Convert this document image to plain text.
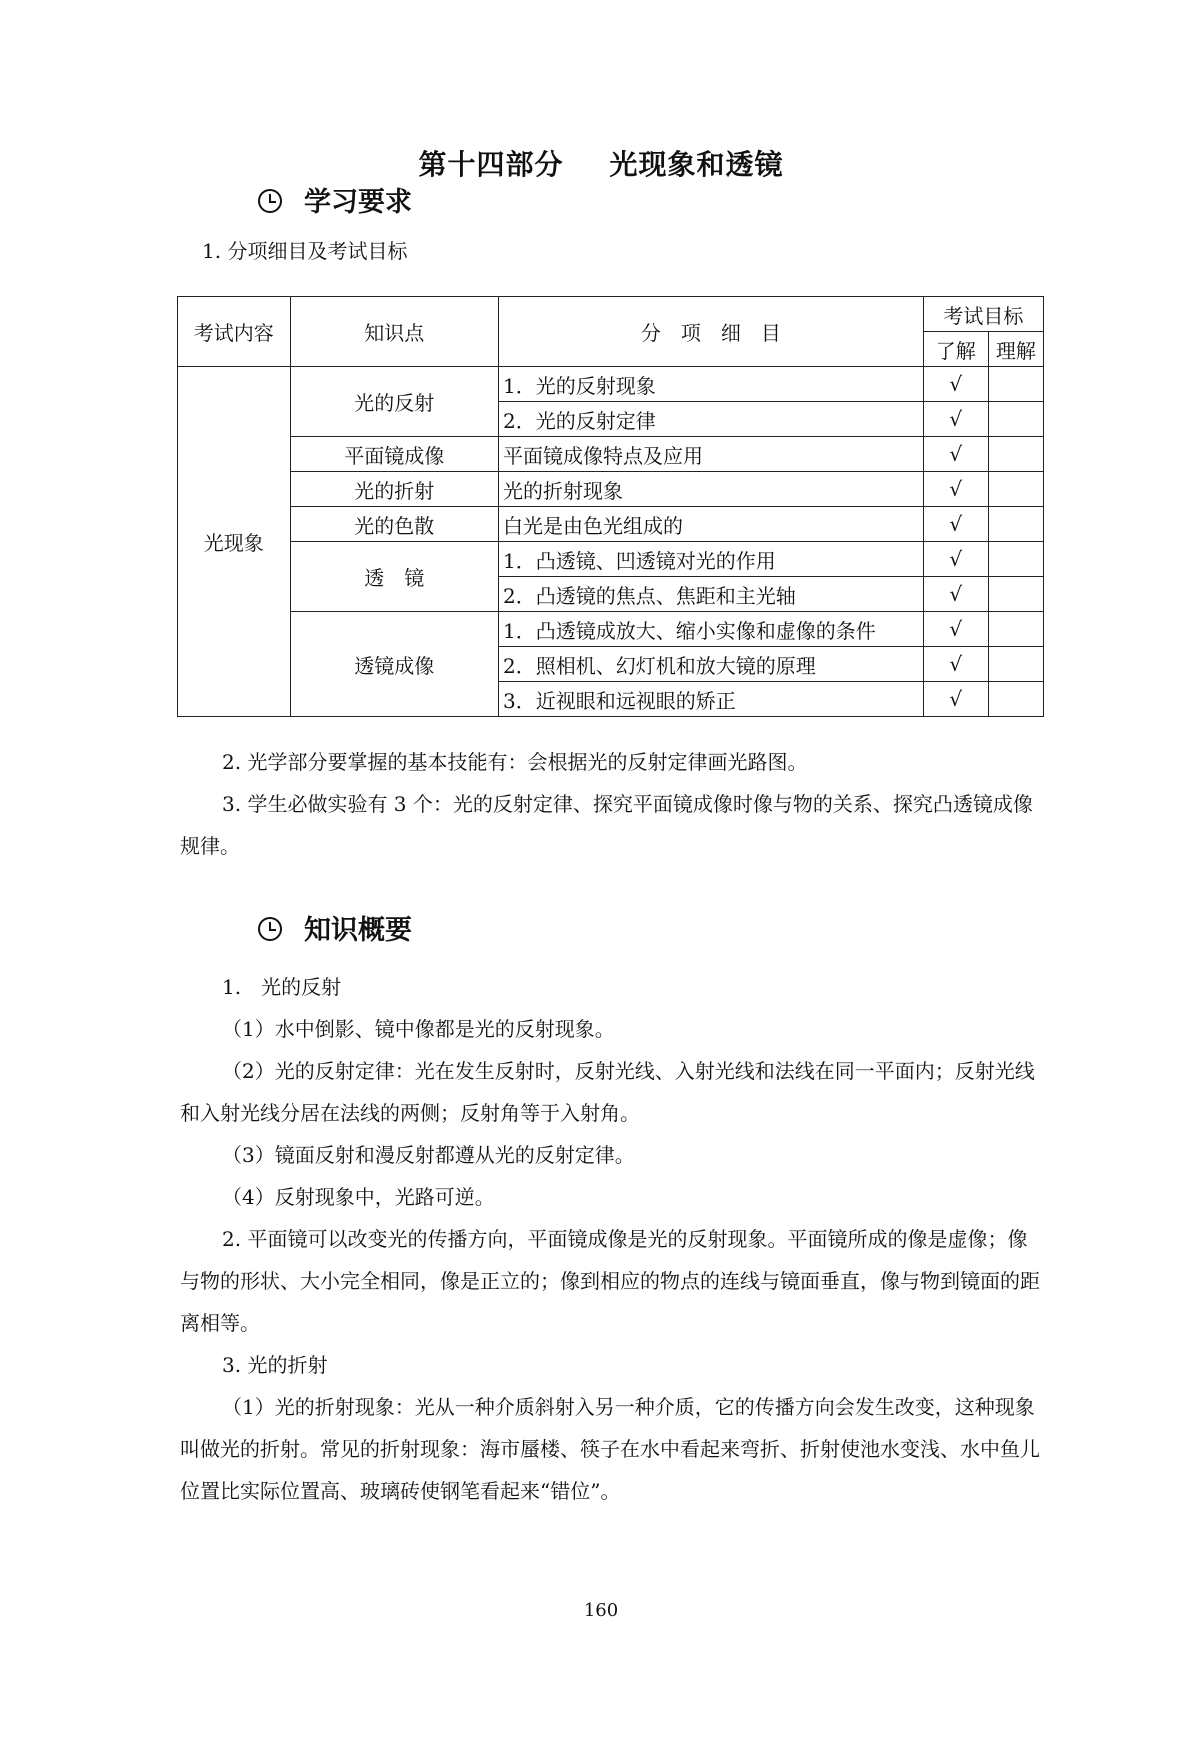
第十四部分 光现象和透镜
学习要求
1. 分项细目及考试目标
考试内容	知识点	分　项　细　目	考试目标	
			了解	理解
光现象	光的反射	1．光的反射现象	√	
		2．光的反射定律	√	
	平面镜成像	平面镜成像特点及应用	√	
	光的折射	光的折射现象	√	
	光的色散	白光是由色光组成的	√	
	透　镜	1．凸透镜、凹透镜对光的作用	√	
		2．凸透镜的焦点、焦距和主光轴	√	
	透镜成像	1．凸透镜成放大、缩小实像和虚像的条件	√	
		2．照相机、幻灯机和放大镜的原理	√	
		3．近视眼和远视眼的矫正	√	
2. 光学部分要掌握的基本技能有：会根据光的反射定律画光路图。
3. 学生必做实验有 3 个：光的反射定律、探究平面镜成像时像与物的关系、探究凸透镜成像规律。
知识概要
1.　光的反射
（1）水中倒影、镜中像都是光的反射现象。
（2）光的反射定律：光在发生反射时，反射光线、入射光线和法线在同一平面内；反射光线和入射光线分居在法线的两侧；反射角等于入射角。
（3）镜面反射和漫反射都遵从光的反射定律。
（4）反射现象中，光路可逆。
2. 平面镜可以改变光的传播方向，平面镜成像是光的反射现象。平面镜所成的像是虚像；像与物的形状、大小完全相同，像是正立的；像到相应的物点的连线与镜面垂直，像与物到镜面的距离相等。
3. 光的折射
（1）光的折射现象：光从一种介质斜射入另一种介质，它的传播方向会发生改变，这种现象叫做光的折射。常见的折射现象：海市蜃楼、筷子在水中看起来弯折、折射使池水变浅、水中鱼儿位置比实际位置高、玻璃砖使钢笔看起来“错位”。
160
